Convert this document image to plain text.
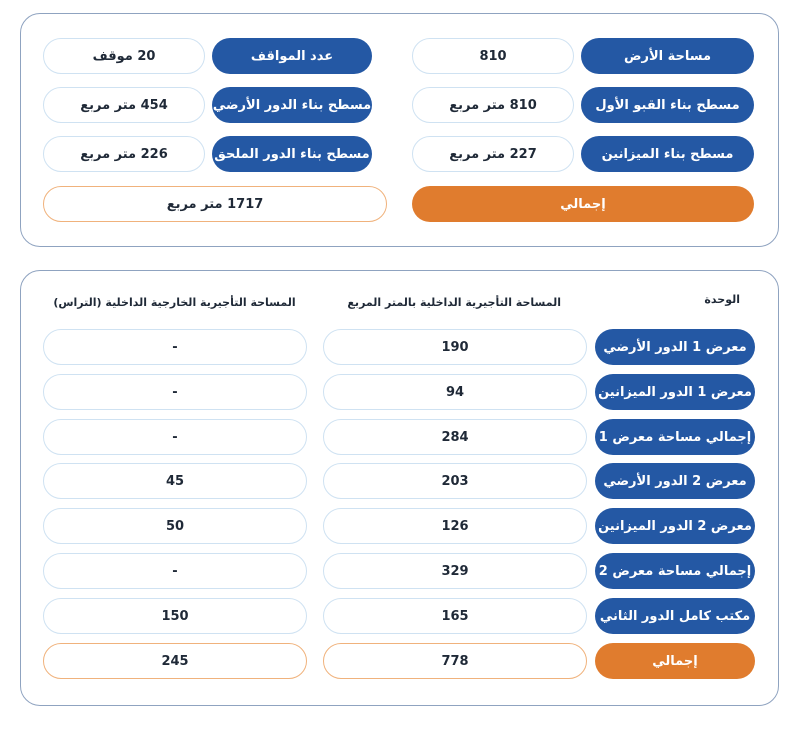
مساحة الأرض
810
عدد المواقف
20 موقف
مسطح بناء القبو الأول
810 متر مربع
مسطح بناء الدور الأرضي
454 متر مربع
مسطح بناء الميزانين
227 متر مربع
مسطح بناء الدور الملحق
226 متر مربع
إجمالي
1717 متر مربع
الوحدة
المساحة التأجيرية الداخلية بالمتر المربع
المساحة التأجيرية الخارجية الداخلية (التراس)
معرض 1 الدور الأرضي
190
-
معرض 1 الدور الميزانين
94
-
إجمالي مساحة معرض 1
284
-
معرض 2 الدور الأرضي
203
45
معرض 2 الدور الميزانين
126
50
إجمالي مساحة معرض 2
329
-
مكتب كامل الدور الثاني
165
150
إجمالي
778
245
